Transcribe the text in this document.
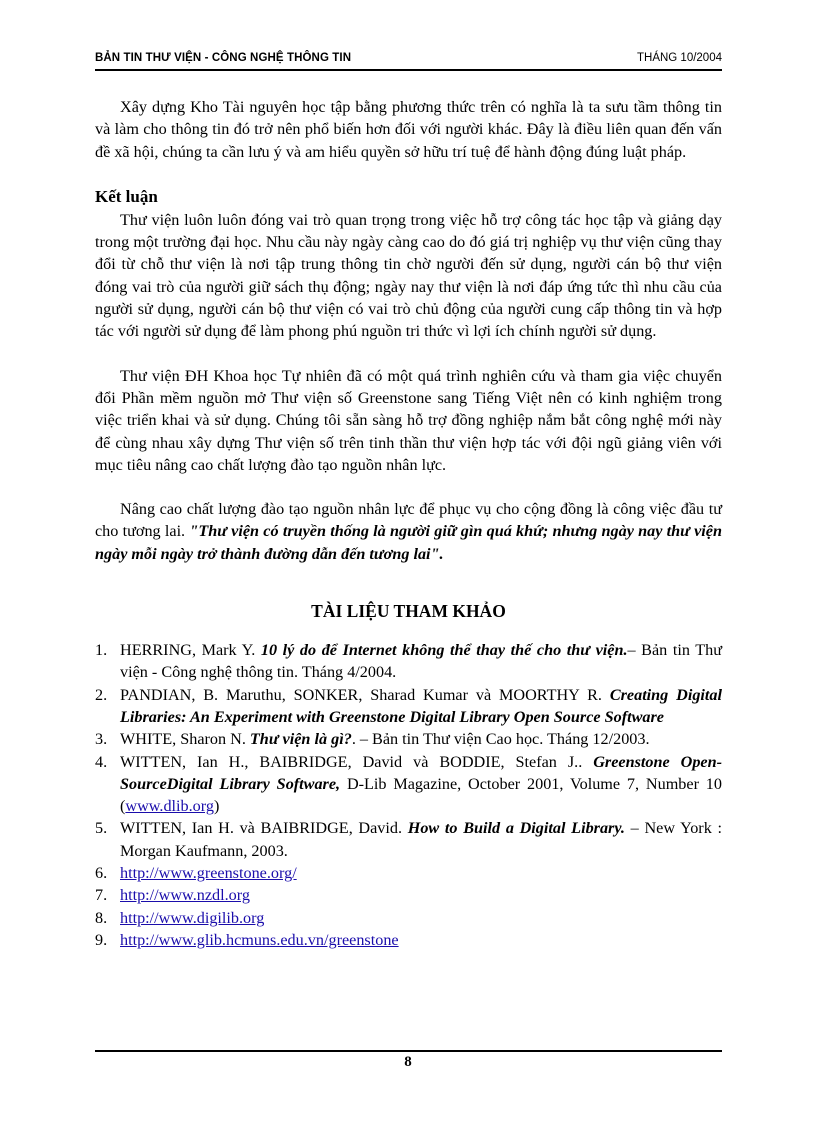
BẢN TIN THƯ VIỆN - CÔNG NGHỆ THÔNG TIN	THÁNG 10/2004

Xây dựng Kho Tài nguyên học tập bằng phương thức trên có nghĩa là ta sưu tầm thông tin và làm cho thông tin đó trở nên phổ biến hơn đối với người khác. Đây là điều liên quan đến vấn đề xã hội, chúng ta cần lưu ý và am hiểu quyền sở hữu trí tuệ để hành động đúng luật pháp.

Kết luận

Thư viện luôn luôn đóng vai trò quan trọng trong việc hỗ trợ công tác học tập và giảng dạy trong một trường đại học. Nhu cầu này ngày càng cao do đó giá trị nghiệp vụ thư viện cũng thay đổi từ chỗ thư viện là nơi tập trung thông tin chờ người đến sử dụng, người cán bộ thư viện đóng vai trò của người giữ sách thụ động; ngày nay thư viện là nơi đáp ứng tức thì nhu cầu của người sử dụng, người cán bộ thư viện có vai trò chủ động của người cung cấp thông tin và hợp tác với người sử dụng để làm phong phú nguồn tri thức vì lợi ích chính người sử dụng.

Thư viện ĐH Khoa học Tự nhiên đã có một quá trình nghiên cứu và tham gia việc chuyển đổi Phần mềm nguồn mở Thư viện số Greenstone sang Tiếng Việt nên có kinh nghiệm trong việc triển khai và sử dụng. Chúng tôi sẵn sàng hỗ trợ đồng nghiệp nắm bắt công nghệ mới này để cùng nhau xây dựng Thư viện số trên tinh thần thư viện hợp tác với đội ngũ giảng viên với mục tiêu nâng cao chất lượng đào tạo nguồn nhân lực.

Nâng cao chất lượng đào tạo nguồn nhân lực để phục vụ cho cộng đồng là công việc đầu tư cho tương lai. "Thư viện có truyền thống là người giữ gìn quá khứ; nhưng ngày nay thư viện ngày mỗi ngày trở thành đường dẫn đến tương lai".

TÀI LIỆU THAM KHẢO

1. HERRING, Mark Y. 10 lý do để Internet không thể thay thế cho thư viện.– Bản tin Thư viện - Công nghệ thông tin. Tháng 4/2004.
2. PANDIAN, B. Maruthu, SONKER, Sharad Kumar và MOORTHY R. Creating Digital Libraries: An Experiment with Greenstone Digital Library Open Source Software
3. WHITE, Sharon N. Thư viện là gì?. – Bản tin Thư viện Cao học. Tháng 12/2003.
4. WITTEN, Ian H., BAIBRIDGE, David và BODDIE, Stefan J.. Greenstone Open-SourceDigital Library Software, D-Lib Magazine, October 2001, Volume 7, Number 10 (www.dlib.org)
5. WITTEN, Ian H. và BAIBRIDGE, David. How to Build a Digital Library. – New York : Morgan Kaufmann, 2003.
6. http://www.greenstone.org/
7. http://www.nzdl.org
8. http://www.digilib.org
9. http://www.glib.hcmuns.edu.vn/greenstone
8
